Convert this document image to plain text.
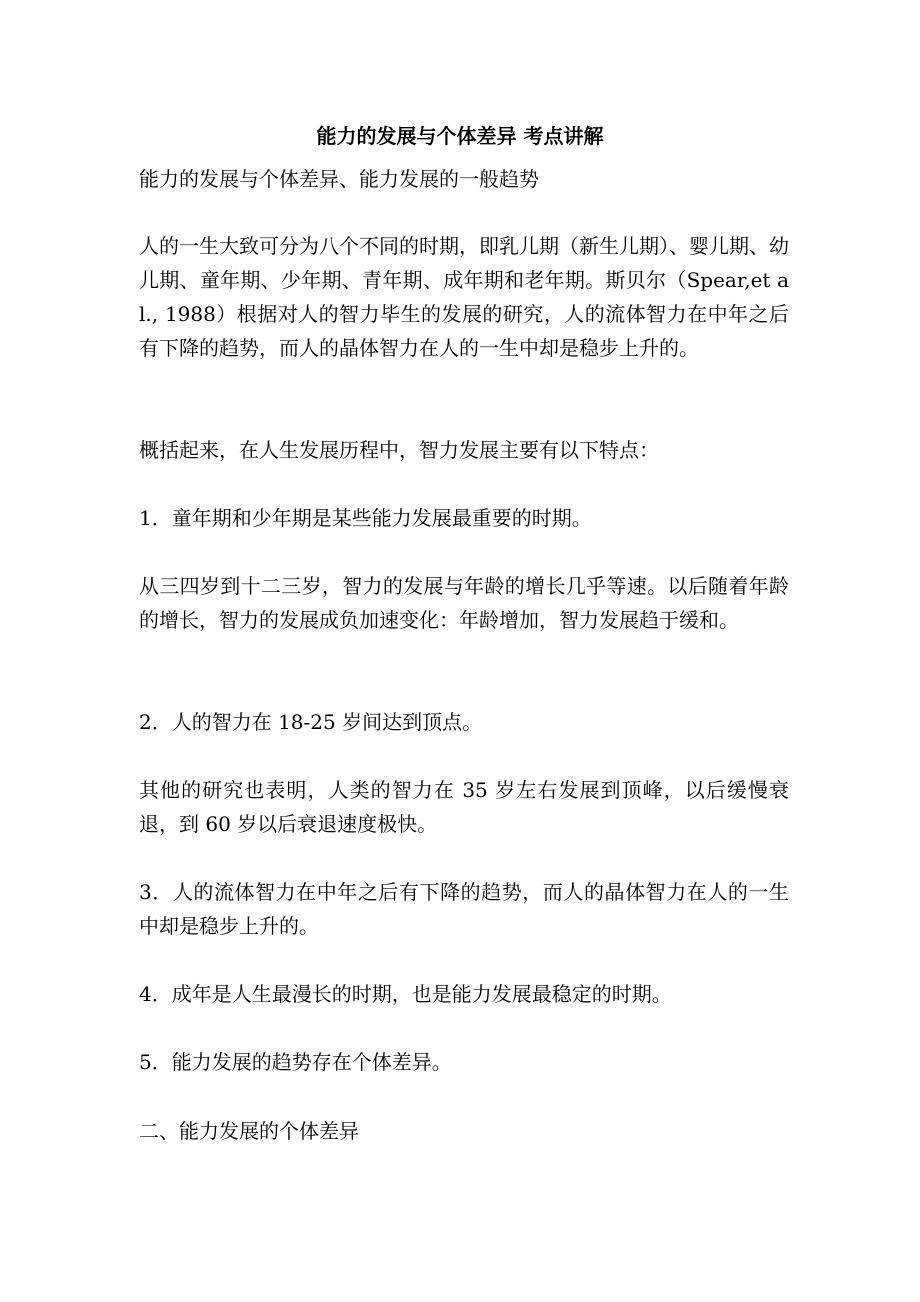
能力的发展与个体差异 考点讲解

能力的发展与个体差异、能力发展的一般趋势

人的一生大致可分为八个不同的时期，即乳儿期（新生儿期）、婴儿期、幼儿期、童年期、少年期、青年期、成年期和老年期。斯贝尔（Spear,et al., 1988）根据对人的智力毕生的发展的研究，人的流体智力在中年之后有下降的趋势，而人的晶体智力在人的一生中却是稳步上升的。

概括起来，在人生发展历程中，智力发展主要有以下特点：

1．童年期和少年期是某些能力发展最重要的时期。

从三四岁到十二三岁，智力的发展与年龄的增长几乎等速。以后随着年龄的增长，智力的发展成负加速变化：年龄增加，智力发展趋于缓和。

2．人的智力在 18-25 岁间达到顶点。

其他的研究也表明，人类的智力在 35 岁左右发展到顶峰，以后缓慢衰退，到 60 岁以后衰退速度极快。

3．人的流体智力在中年之后有下降的趋势，而人的晶体智力在人的一生中却是稳步上升的。

4．成年是人生最漫长的时期，也是能力发展最稳定的时期。

5．能力发展的趋势存在个体差异。

二、能力发展的个体差异
